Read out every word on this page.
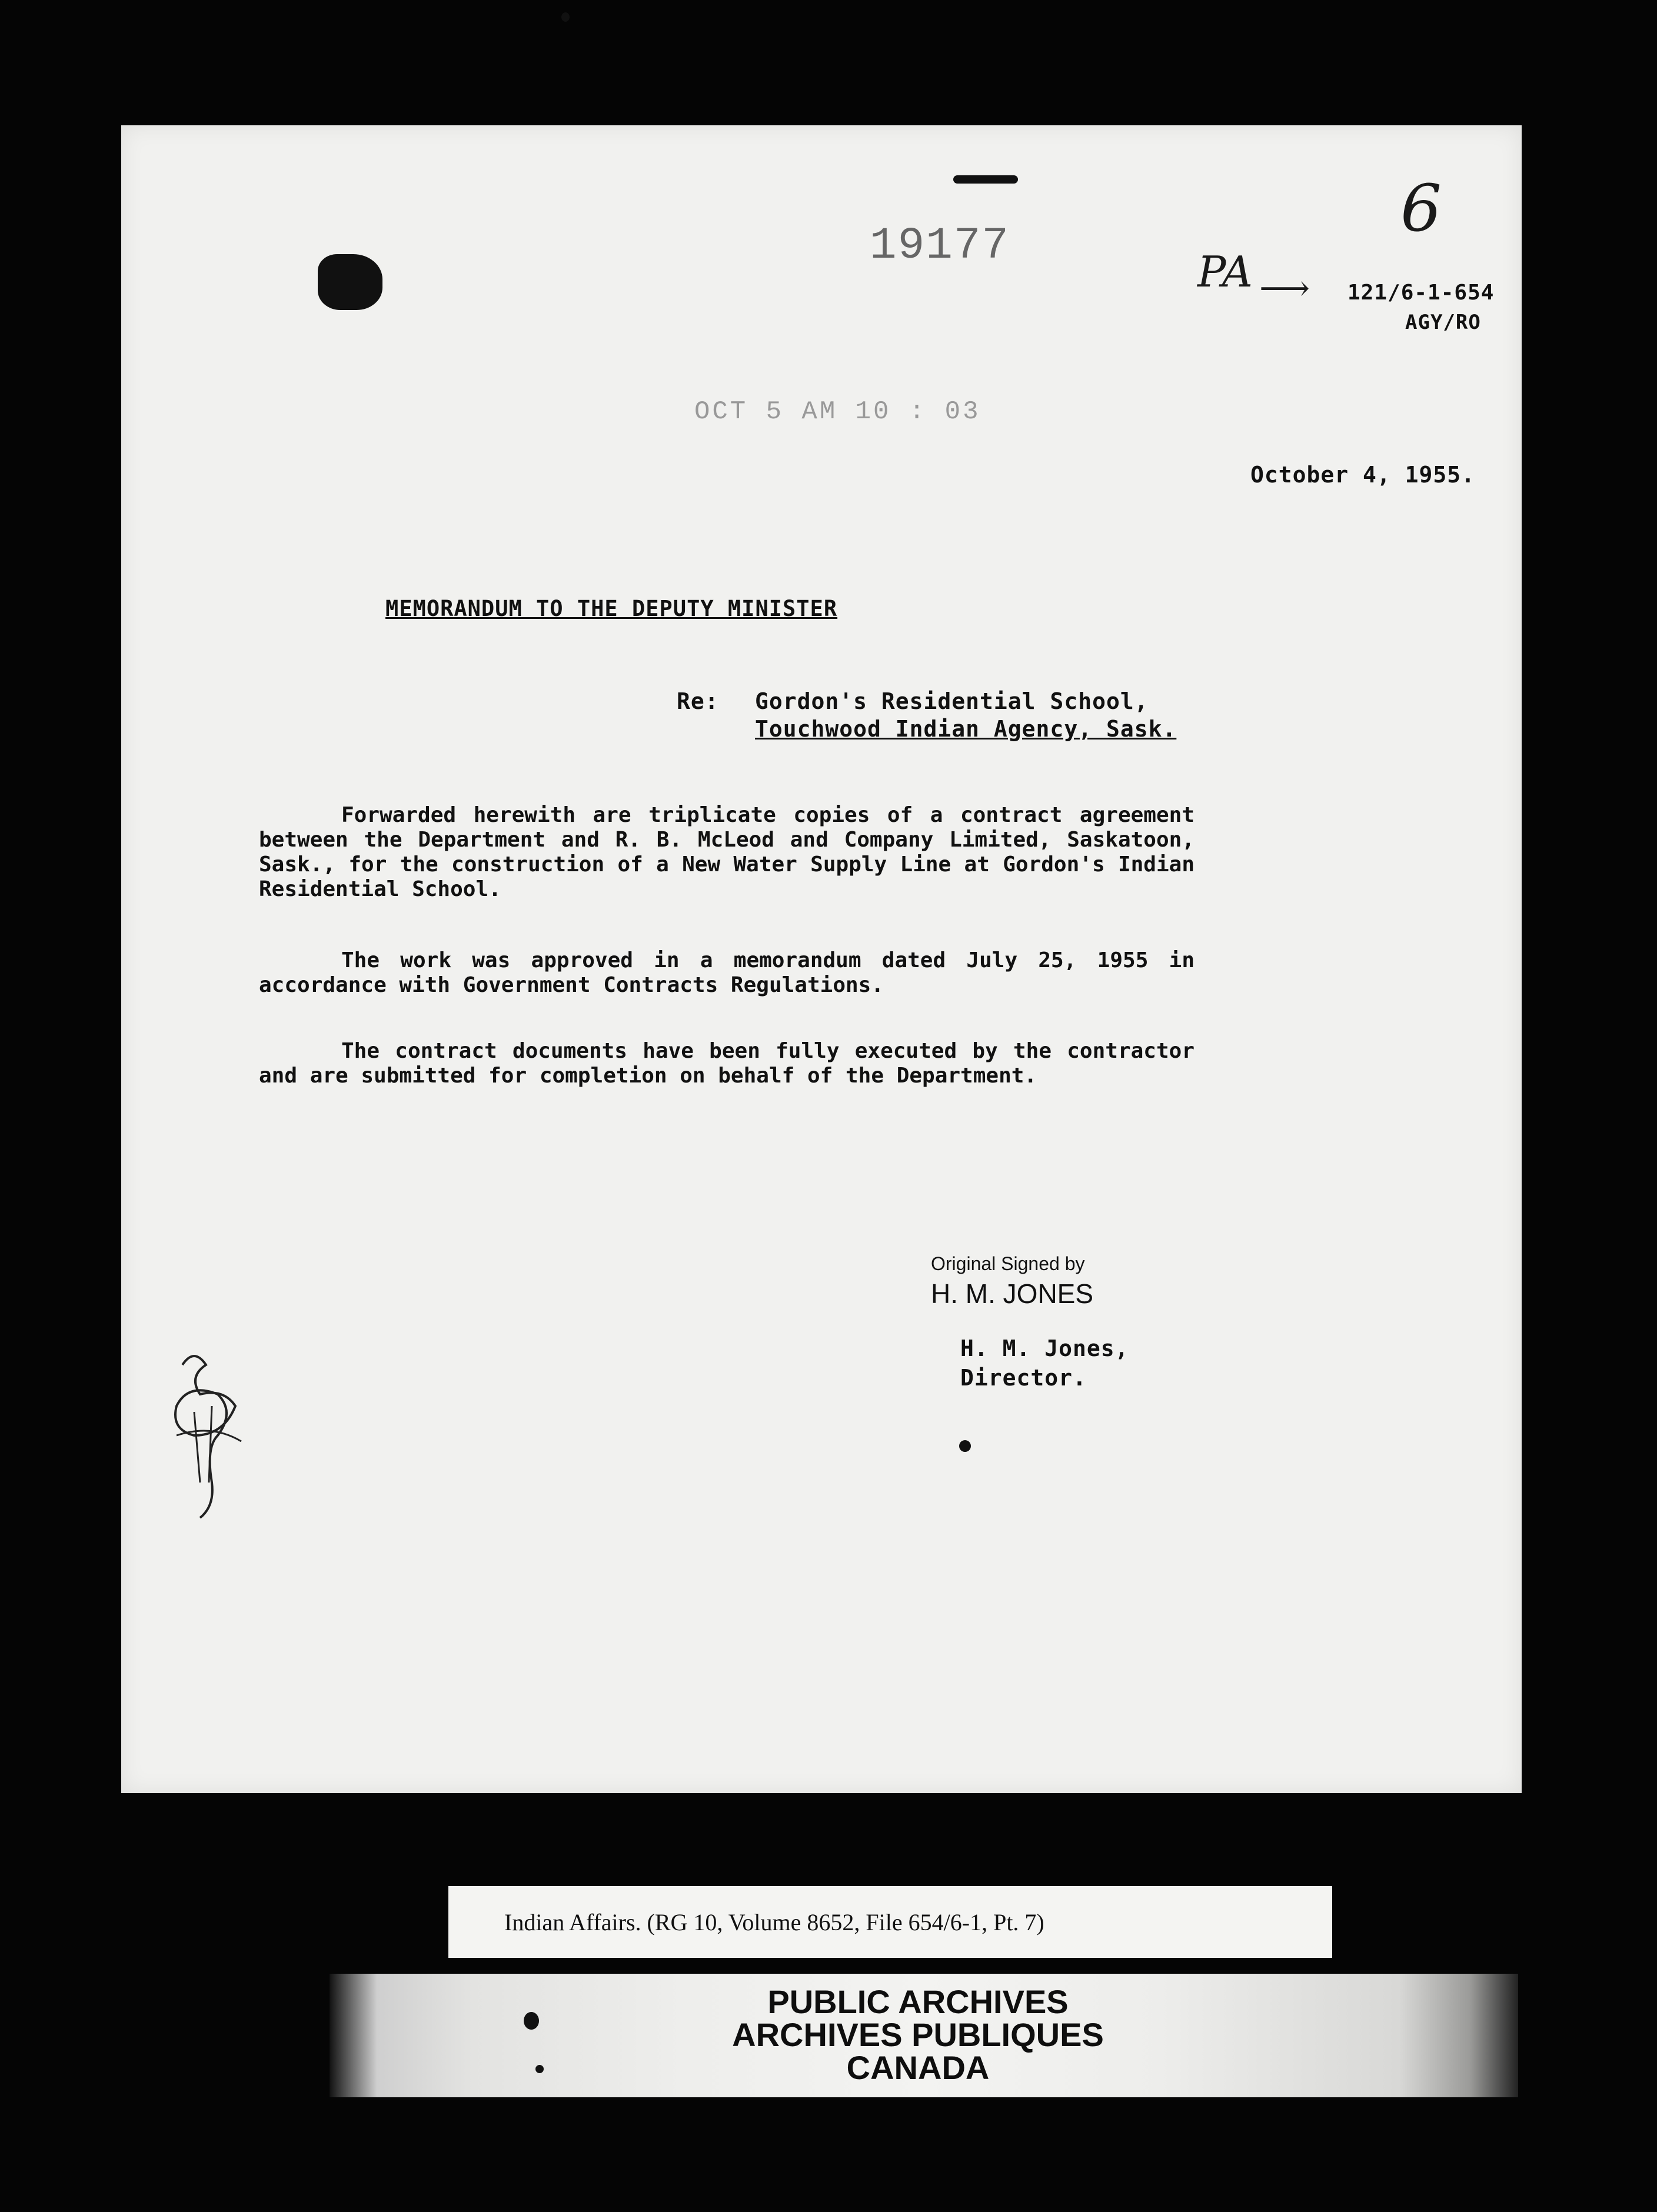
19177
OCT 5 AM 10 : 03
6
PA ⟶ 121/6-1-654
AGY/RO
October 4, 1955.
MEMORANDUM TO THE DEPUTY MINISTER
Re: Gordon's Residential School,
Touchwood Indian Agency, Sask.

Forwarded herewith are triplicate copies of a contract agreement between the Department and R. B. McLeod and Company Limited, Saskatoon, Sask., for the construction of a New Water Supply Line at Gordon's Indian Residential School.

The work was approved in a memorandum dated July 25, 1955 in accordance with Government Contracts Regulations.

The contract documents have been fully executed by the contractor and are submitted for completion on behalf of the Department.

Original Signed by
H. M. JONES
H. M. Jones,
Director.
Indian Affairs. (RG 10, Volume 8652, File 654/6-1, Pt. 7)
PUBLIC ARCHIVES
ARCHIVES PUBLIQUES
CANADA
